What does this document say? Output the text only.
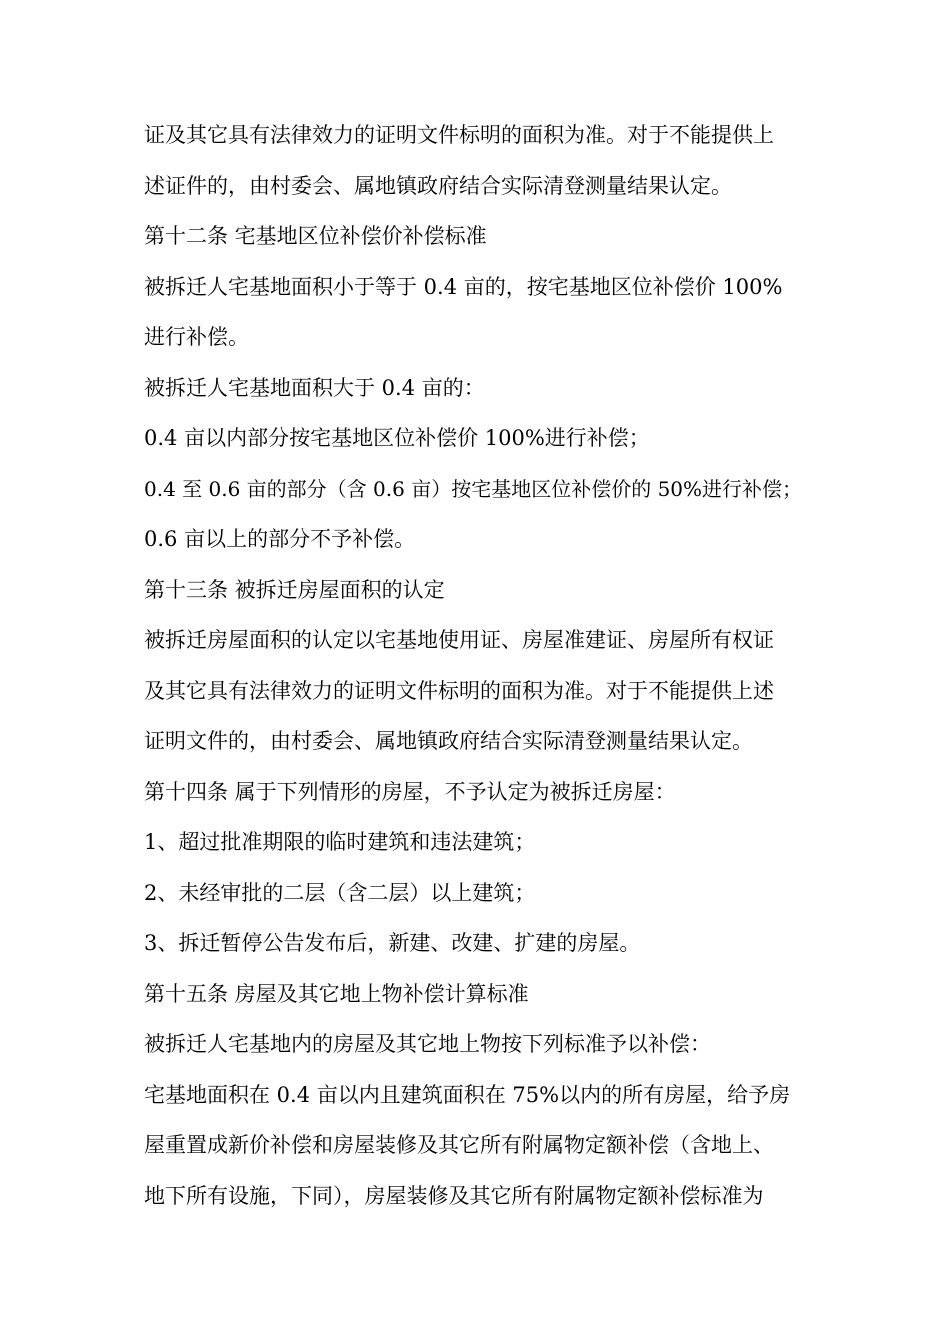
证及其它具有法律效力的证明文件标明的面积为准。对于不能提供上
述证件的，由村委会、属地镇政府结合实际清登测量结果认定。
第十二条 宅基地区位补偿价补偿标准
被拆迁人宅基地面积小于等于 0.4 亩的，按宅基地区位补偿价 100%
进行补偿。
被拆迁人宅基地面积大于 0.4 亩的：
0.4 亩以内部分按宅基地区位补偿价 100%进行补偿；
0.4 至 0.6 亩的部分（含 0.6 亩）按宅基地区位补偿价的 50%进行补偿；
0.6 亩以上的部分不予补偿。
第十三条 被拆迁房屋面积的认定
被拆迁房屋面积的认定以宅基地使用证、房屋准建证、房屋所有权证
及其它具有法律效力的证明文件标明的面积为准。对于不能提供上述
证明文件的，由村委会、属地镇政府结合实际清登测量结果认定。
第十四条 属于下列情形的房屋，不予认定为被拆迁房屋：
1、超过批准期限的临时建筑和违法建筑；
2、未经审批的二层（含二层）以上建筑；
3、拆迁暂停公告发布后，新建、改建、扩建的房屋。
第十五条 房屋及其它地上物补偿计算标准
被拆迁人宅基地内的房屋及其它地上物按下列标准予以补偿：
宅基地面积在 0.4 亩以内且建筑面积在 75%以内的所有房屋，给予房
屋重置成新价补偿和房屋装修及其它所有附属物定额补偿（含地上、
地下所有设施，下同），房屋装修及其它所有附属物定额补偿标准为
